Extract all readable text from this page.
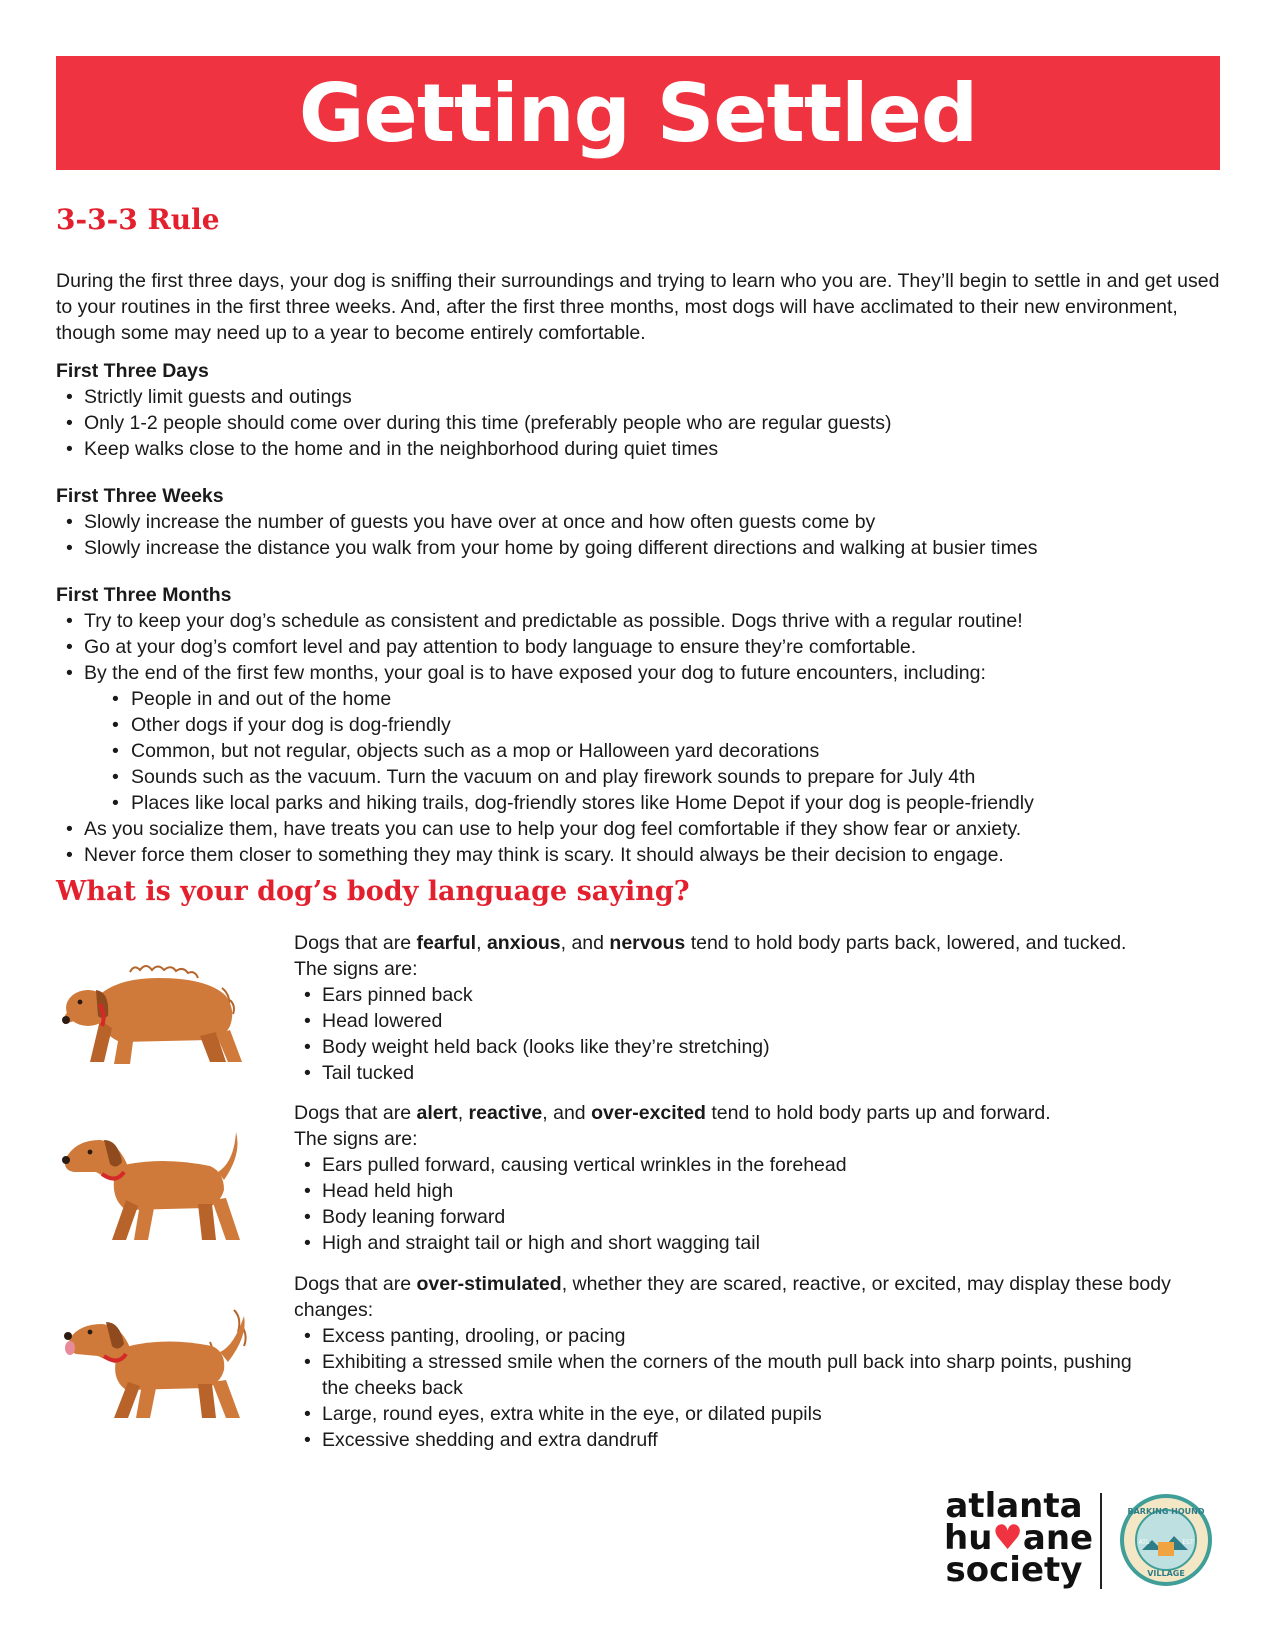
Getting Settled
3-3-3 Rule

During the first three days, your dog is sniffing their surroundings and trying to learn who you are. They’ll begin to settle in and get used to your routines in the first three weeks. And, after the first three months, most dogs will have acclimated to their new environment, though some may need up to a year to become entirely comfortable.

First Three Days

• Strictly limit guests and outings
• Only 1-2 people should come over during this time (preferably people who are regular guests)
• Keep walks close to the home and in the neighborhood during quiet times

First Three Weeks

• Slowly increase the number of guests you have over at once and how often guests come by
• Slowly increase the distance you walk from your home by going different directions and walking at busier times

First Three Months

• Try to keep your dog’s schedule as consistent and predictable as possible. Dogs thrive with a regular routine!
• Go at your dog’s comfort level and pay attention to body language to ensure they’re comfortable.
• By the end of the first few months, your goal is to have exposed your dog to future encounters, including:
• People in and out of the home
• Other dogs if your dog is dog-friendly
• Common, but not regular, objects such as a mop or Halloween yard decorations
• Sounds such as the vacuum. Turn the vacuum on and play firework sounds to prepare for July 4th
• Places like local parks and hiking trails, dog-friendly stores like Home Depot if your dog is people-friendly
• As you socialize them, have treats you can use to help your dog feel comfortable if they show fear or anxiety.
• Never force them closer to something they may think is scary. It should always be their decision to engage.
What is your dog’s body language saying?

Dogs that are fearful, anxious, and nervous tend to hold body parts back, lowered, and tucked.

The signs are:

• Ears pinned back
• Head lowered
• Body weight held back (looks like they’re stretching)
• Tail tucked

Dogs that are alert, reactive, and over-excited tend to hold body parts up and forward.

The signs are:

• Ears pulled forward, causing vertical wrinkles in the forehead
• Head held high
• Body leaning forward
• High and straight tail or high and short wagging tail

Dogs that are over-stimulated, whether they are scared, reactive, or excited, may display these body changes:

• Excess panting, drooling, or pacing
• Exhibiting a stressed smile when the corners of the mouth pull back into sharp points, pushing the cheeks back
• Large, round eyes, extra white in the eye, or dilated pupils
• Excessive shedding and extra dandruff
atlanta
hu♥ane
society
BARKING HOUND
VILLAGE
ATL	EST
